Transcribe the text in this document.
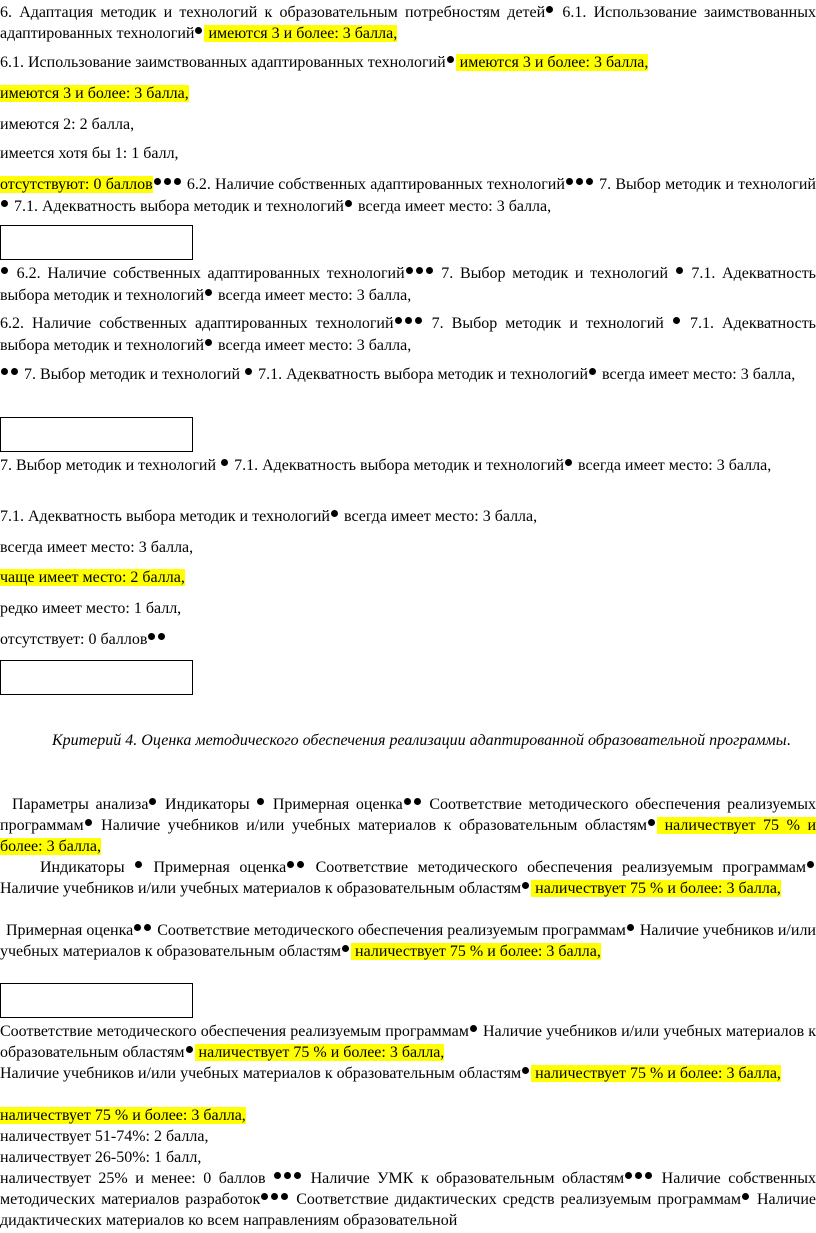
6. Адаптация методик и технологий к образовательным потребностям детей 6.1. Использование заимствованных адаптированных технологий имеются 3 и более: 3 балла,

6.1. Использование заимствованных адаптированных технологий имеются 3 и более: 3 балла,

имеются 3 и более: 3 балла,

имеются 2: 2 балла,

имеется хотя бы 1: 1 балл,

отсутствуют: 0 баллов 6.2. Наличие собственных адаптированных технологий 7. Выбор методик и технологий  7.1. Адекватность выбора методик и технологий всегда имеет место: 3 балла,

6.2. Наличие собственных адаптированных технологий 7. Выбор методик и технологий  7.1. Адекватность выбора методик и технологий всегда имеет место: 3 балла,

6.2. Наличие собственных адаптированных технологий 7. Выбор методик и технологий  7.1. Адекватность выбора методик и технологий всегда имеет место: 3 балла,

7. Выбор методик и технологий  7.1. Адекватность выбора методик и технологий всегда имеет место: 3 балла,

7. Выбор методик и технологий  7.1. Адекватность выбора методик и технологий всегда имеет место: 3 балла,

7.1. Адекватность выбора методик и технологий всегда имеет место: 3 балла,

всегда имеет место: 3 балла,

чаще имеет место: 2 балла,

редко имеет место: 1 балл,

отсутствует: 0 баллов

Критерий 4. Оценка методического обеспечения реализации адаптированной образовательной программы.

Параметры анализа Индикаторы  Примерная оценка Соответствие методического обеспечения реализуемых программам Наличие учебников и/или учебных материалов к образовательным областям наличествует 75 % и более: 3 балла,

Индикаторы  Примерная оценка Соответствие методического обеспечения реализуемым программам Наличие учебников и/или учебных материалов к образовательным областям наличествует 75 % и более: 3 балла,

Примерная оценка Соответствие методического обеспечения реализуемым программам Наличие учебников и/или учебных материалов к образовательным областям наличествует 75 % и более: 3 балла,

Соответствие методического обеспечения реализуемым программам Наличие учебников и/или учебных материалов к образовательным областям наличествует 75 % и более: 3 балла,

Наличие учебников и/или учебных материалов к образовательным областям наличествует 75 % и более: 3 балла,

наличествует 75 % и более: 3 балла,

наличествует 51-74%: 2 балла,

наличествует 26-50%: 1 балл,

наличествует 25% и менее: 0 баллов  Наличие УМК к образовательным областям Наличие собственных методических материалов разработок Соответствие дидактических средств реализуемым программам Наличие дидактических материалов ко всем направлениям образовательной
